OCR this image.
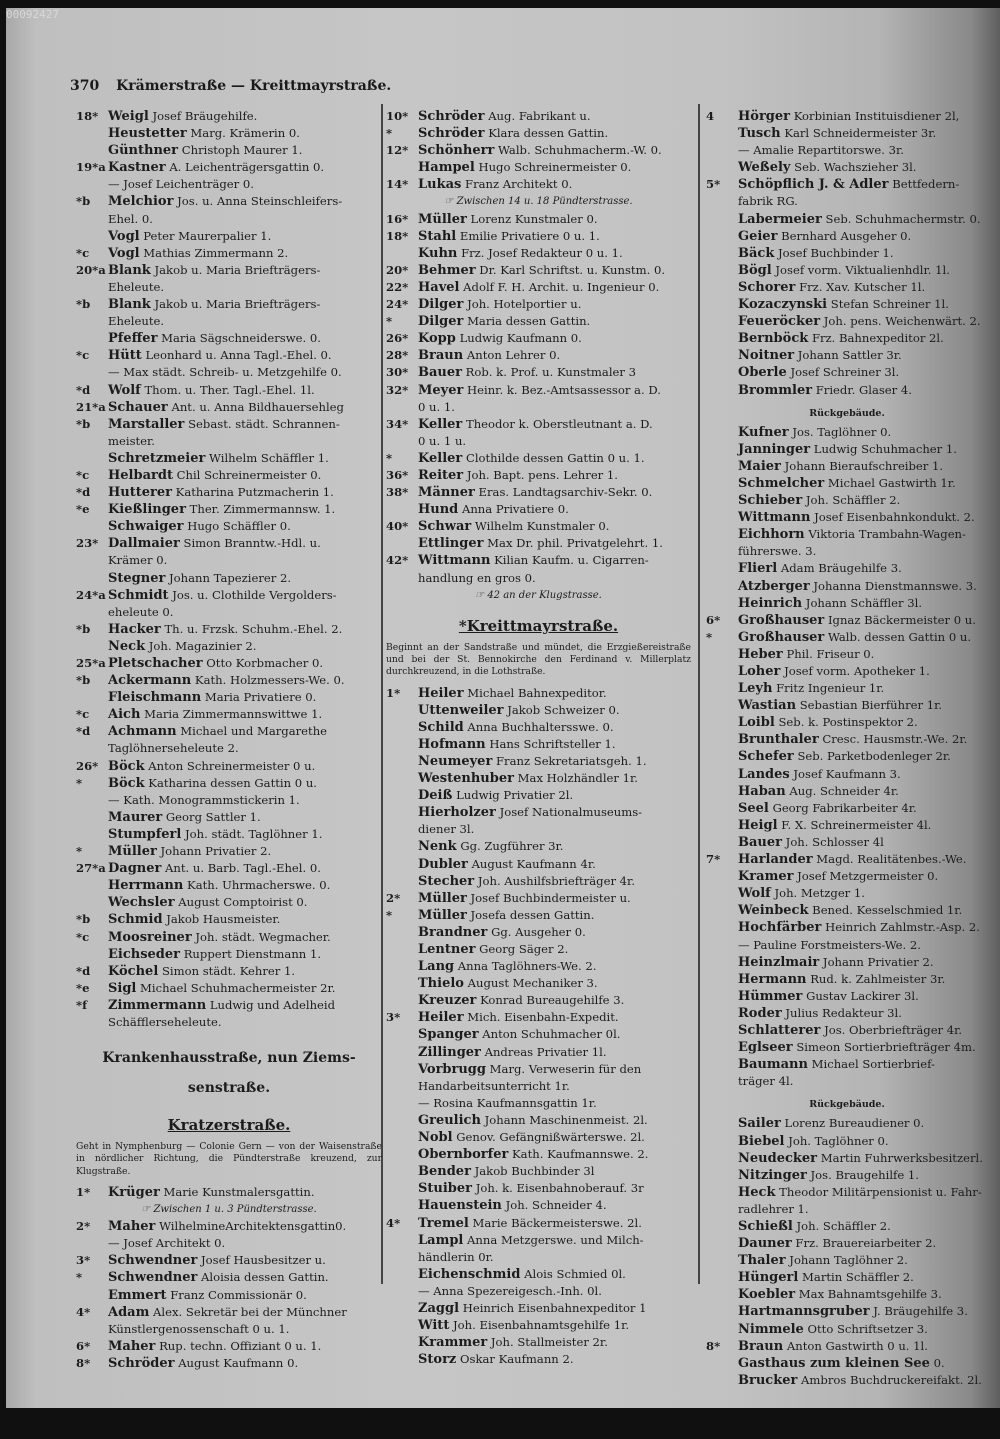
00092427
370 Krämerstraße — Kreittmayrstraße.
18* Weigl Josef Bräugehilfe.
Heustetter Marg. Krämerin 0.
Günthner Christoph Maurer 1.
19*a Kastner A. Leichenträgersgattin 0.
— Josef Leichenträger 0.
*b Melchior Jos. u. Anna Steinschleifers-
Ehel. 0.
Vogl Peter Maurerpalier 1.
*c Vogl Mathias Zimmermann 2.
20*a Blank Jakob u. Maria Briefträgers-
Eheleute.
*b Blank Jakob u. Maria Briefträgers-
Eheleute.
Pfeffer Maria Sägschneiderswe. 0.
*c Hütt Leonhard u. Anna Tagl.-Ehel. 0.
— Max städt. Schreib- u. Metzgehilfe 0.
*d Wolf Thom. u. Ther. Tagl.-Ehel. 1l.
21*a Schauer Ant. u. Anna Bildhauersehleg
*b Marstaller Sebast. städt. Schrannen-
meister.
Schretzmeier Wilhelm Schäffler 1.
*c Helbardt Chil Schreinermeister 0.
*d Hutterer Katharina Putzmacherin 1.
*e Kießlinger Ther. Zimmermannsw. 1.
Schwaiger Hugo Schäffler 0.
23* Dallmaier Simon Branntw.-Hdl. u.
Krämer 0.
Stegner Johann Tapezierer 2.
24*a Schmidt Jos. u. Clothilde Vergolders-
eheleute 0.
*b Hacker Th. u. Frzsk. Schuhm.-Ehel. 2.
Neck Joh. Magazinier 2.
25*a Pletschacher Otto Korbmacher 0.
*b Ackermann Kath. Holzmessers-We. 0.
Fleischmann Maria Privatiere 0.
*c Aich Maria Zimmermannswittwe 1.
*d Achmann Michael und Margarethe
Taglöhnerseheleute 2.
26* Böck Anton Schreinermeister 0 u.
* Böck Katharina dessen Gattin 0 u.
— Kath. Monogrammstickerin 1.
Maurer Georg Sattler 1.
Stumpferl Joh. städt. Taglöhner 1.
* Müller Johann Privatier 2.
27*a Dagner Ant. u. Barb. Tagl.-Ehel. 0.
Herrmann Kath. Uhrmacherswe. 0.
Wechsler August Comptoirist 0.
*b Schmid Jakob Hausmeister.
*c Moosreiner Joh. städt. Wegmacher.
Eichseder Ruppert Dienstmann 1.
*d Köchel Simon städt. Kehrer 1.
*e Sigl Michael Schuhmachermeister 2r.
*f Zimmermann Ludwig und Adelheid
Schäfflerseheleute.
Krankenhausstraße, nun Ziems-
senstraße.
Kratzerstraße.
Geht in Nymphenburg — Colonie Gern — von der Waisenstraße in nördlicher Richtung, die Pündterstraße kreuzend, zur Klugstraße.
1* Krüger Marie Kunstmalersgattin.
☞ Zwischen 1 u. 3 Pündterstrasse.
2* Maher WilhelmineArchitektensgattin0.
— Josef Architekt 0.
3* Schwendner Josef Hausbesitzer u.
* Schwendner Aloisia dessen Gattin.
Emmert Franz Commissionär 0.
4* Adam Alex. Sekretär bei der Münchner
Künstlergenossenschaft 0 u. 1.
6* Maher Rup. techn. Offiziant 0 u. 1.
8* Schröder August Kaufmann 0.
10* Schröder Aug. Fabrikant u.
* Schröder Klara dessen Gattin.
12* Schönherr Walb. Schuhmacherm.-W. 0.
Hampel Hugo Schreinermeister 0.
14* Lukas Franz Architekt 0.
☞ Zwischen 14 u. 18 Pündterstrasse.
16* Müller Lorenz Kunstmaler 0.
18* Stahl Emilie Privatiere 0 u. 1.
Kuhn Frz. Josef Redakteur 0 u. 1.
20* Behmer Dr. Karl Schriftst. u. Kunstm. 0.
22* Havel Adolf F. H. Archit. u. Ingenieur 0.
24* Dilger Joh. Hotelportier u.
* Dilger Maria dessen Gattin.
26* Kopp Ludwig Kaufmann 0.
28* Braun Anton Lehrer 0.
30* Bauer Rob. k. Prof. u. Kunstmaler 3
32* Meyer Heinr. k. Bez.-Amtsassessor a. D.
0 u. 1.
34* Keller Theodor k. Oberstleutnant a. D.
0 u. 1 u.
* Keller Clothilde dessen Gattin 0 u. 1.
36* Reiter Joh. Bapt. pens. Lehrer 1.
38* Männer Eras. Landtagsarchiv-Sekr. 0.
Hund Anna Privatiere 0.
40* Schwar Wilhelm Kunstmaler 0.
Ettlinger Max Dr. phil. Privatgelehrt. 1.
42* Wittmann Kilian Kaufm. u. Cigarren-
handlung en gros 0.
☞ 42 an der Klugstrasse.
*Kreittmayrstraße.
Beginnt an der Sandstraße und mündet, die Erzgießereistraße und bei der St. Bennokirche den Ferdinand v. Millerplatz durchkreuzend, in die Lothstraße.
1* Heiler Michael Bahnexpeditor.
Uttenweiler Jakob Schweizer 0.
Schild Anna Buchhaltersswe. 0.
Hofmann Hans Schriftsteller 1.
Neumeyer Franz Sekretariatsgeh. 1.
Westenhuber Max Holzhändler 1r.
Deiß Ludwig Privatier 2l.
Hierholzer Josef Nationalmuseums-
diener 3l.
Nenk Gg. Zugführer 3r.
Dubler August Kaufmann 4r.
Stecher Joh. Aushilfsbriefträger 4r.
2* Müller Josef Buchbindermeister u.
* Müller Josefa dessen Gattin.
Brandner Gg. Ausgeher 0.
Lentner Georg Säger 2.
Lang Anna Taglöhners-We. 2.
Thielo August Mechaniker 3.
Kreuzer Konrad Bureaugehilfe 3.
3* Heiler Mich. Eisenbahn-Expedit.
Spanger Anton Schuhmacher 0l.
Zillinger Andreas Privatier 1l.
Vorbrugg Marg. Verweserin für den
Handarbeitsunterricht 1r.
— Rosina Kaufmannsgattin 1r.
Greulich Johann Maschinenmeist. 2l.
Nobl Genov. Gefängnißwärterswe. 2l.
Obernborfer Kath. Kaufmannswe. 2.
Bender Jakob Buchbinder 3l
Stuiber Joh. k. Eisenbahnoberauf. 3r
Hauenstein Joh. Schneider 4.
4* Tremel Marie Bäckermeisterswe. 2l.
Lampl Anna Metzgerswe. und Milch-
händlerin 0r.
Eichenschmid Alois Schmied 0l.
— Anna Spezereigesch.-Inh. 0l.
Zaggl Heinrich Eisenbahnexpeditor 1
Witt Joh. Eisenbahnamtsgehilfe 1r.
Krammer Joh. Stallmeister 2r.
Storz Oskar Kaufmann 2.
4 Hörger Korbinian Instituisdiener 2l,
Tusch Karl Schneidermeister 3r.
— Amalie Repartitorswe. 3r.
Weßely Seb. Wachszieher 3l.
5* Schöpflich J. & Adler Bettfedern-
fabrik RG.
Labermeier Seb. Schuhmachermstr. 0.
Geier Bernhard Ausgeher 0.
Bäck Josef Buchbinder 1.
Bögl Josef vorm. Viktualienhdlr. 1l.
Schorer Frz. Xav. Kutscher 1l.
Kozaczynski Stefan Schreiner 1l.
Feueröcker Joh. pens. Weichenwärt. 2.
Bernböck Frz. Bahnexpeditor 2l.
Noitner Johann Sattler 3r.
Oberle Josef Schreiner 3l.
Brommler Friedr. Glaser 4.
Rückgebäude.
Kufner Jos. Taglöhner 0.
Janninger Ludwig Schuhmacher 1.
Maier Johann Bieraufschreiber 1.
Schmelcher Michael Gastwirth 1r.
Schieber Joh. Schäffler 2.
Wittmann Josef Eisenbahnkondukt. 2.
Eichhorn Viktoria Trambahn-Wagen-
führerswe. 3.
Flierl Adam Bräugehilfe 3.
Atzberger Johanna Dienstmannswe. 3.
Heinrich Johann Schäffler 3l.
6* Großhauser Ignaz Bäckermeister 0 u.
* Großhauser Walb. dessen Gattin 0 u.
Heber Phil. Friseur 0.
Loher Josef vorm. Apotheker 1.
Leyh Fritz Ingenieur 1r.
Wastian Sebastian Bierführer 1r.
Loibl Seb. k. Postinspektor 2.
Brunthaler Cresc. Hausmstr.-We. 2r.
Schefer Seb. Parketbodenleger 2r.
Landes Josef Kaufmann 3.
Haban Aug. Schneider 4r.
Seel Georg Fabrikarbeiter 4r.
Heigl F. X. Schreinermeister 4l.
Bauer Joh. Schlosser 4l
7* Harlander Magd. Realitätenbes.-We.
Kramer Josef Metzgermeister 0.
Wolf Joh. Metzger 1.
Weinbeck Bened. Kesselschmied 1r.
Hochfärber Heinrich Zahlmstr.-Asp. 2.
— Pauline Forstmeisters-We. 2.
Heinzlmair Johann Privatier 2.
Hermann Rud. k. Zahlmeister 3r.
Hümmer Gustav Lackirer 3l.
Roder Julius Redakteur 3l.
Schlatterer Jos. Oberbriefträger 4r.
Eglseer Simeon Sortierbriefträger 4m.
Baumann Michael Sortierbrief-
träger 4l.
Rückgebäude.
Sailer Lorenz Bureaudiener 0.
Biebel Joh. Taglöhner 0.
Neudecker Martin Fuhrwerksbesitzerl.
Nitzinger Jos. Braugehilfe 1.
Heck Theodor Militärpensionist u. Fahr-
radlehrer 1.
Schießl Joh. Schäffler 2.
Dauner Frz. Brauereiarbeiter 2.
Thaler Johann Taglöhner 2.
Hüngerl Martin Schäffler 2.
Koebler Max Bahnamtsgehilfe 3.
Hartmannsgruber J. Bräugehilfe 3.
Nimmele Otto Schriftsetzer 3.
8* Braun Anton Gastwirth 0 u. 1l.
Gasthaus zum kleinen See 0.
Brucker Ambros Buchdruckereifakt. 2l.
